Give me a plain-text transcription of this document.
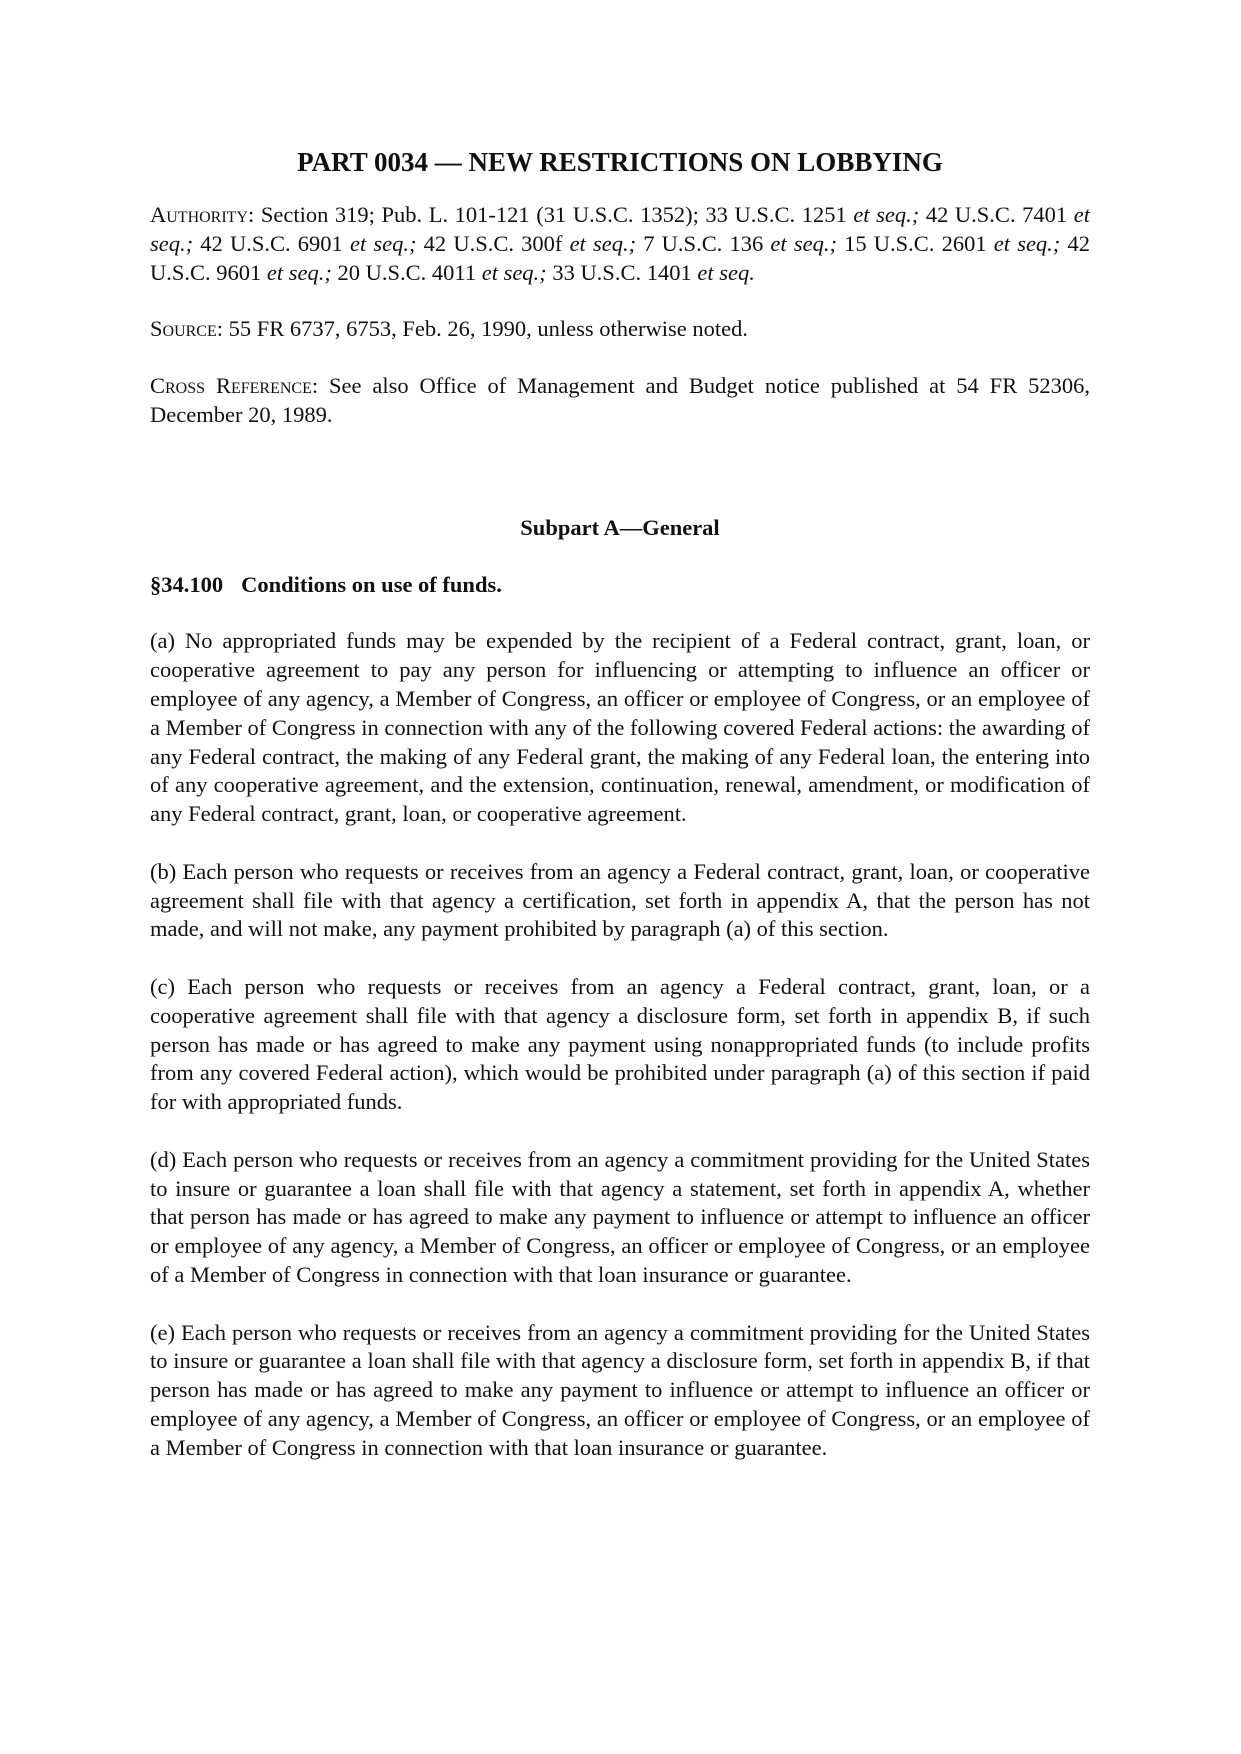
PART 0034 — NEW RESTRICTIONS ON LOBBYING

Authority: Section 319; Pub. L. 101-121 (31 U.S.C. 1352); 33 U.S.C. 1251 et seq.; 42 U.S.C. 7401 et seq.; 42 U.S.C. 6901 et seq.; 42 U.S.C. 300f et seq.; 7 U.S.C. 136 et seq.; 15 U.S.C. 2601 et seq.; 42 U.S.C. 9601 et seq.; 20 U.S.C. 4011 et seq.; 33 U.S.C. 1401 et seq.

Source: 55 FR 6737, 6753, Feb. 26, 1990, unless otherwise noted.

Cross Reference: See also Office of Management and Budget notice published at 54 FR 52306, December 20, 1989.

Subpart A—General
§34.100 Conditions on use of funds.

(a) No appropriated funds may be expended by the recipient of a Federal contract, grant, loan, or cooperative agreement to pay any person for influencing or attempting to influence an officer or employee of any agency, a Member of Congress, an officer or employee of Congress, or an employee of a Member of Congress in connection with any of the following covered Federal actions: the awarding of any Federal contract, the making of any Federal grant, the making of any Federal loan, the entering into of any cooperative agreement, and the extension, continuation, renewal, amendment, or modification of any Federal contract, grant, loan, or cooperative agreement.

(b) Each person who requests or receives from an agency a Federal contract, grant, loan, or cooperative agreement shall file with that agency a certification, set forth in appendix A, that the person has not made, and will not make, any payment prohibited by paragraph (a) of this section.

(c) Each person who requests or receives from an agency a Federal contract, grant, loan, or a cooperative agreement shall file with that agency a disclosure form, set forth in appendix B, if such person has made or has agreed to make any payment using nonappropriated funds (to include profits from any covered Federal action), which would be prohibited under paragraph (a) of this section if paid for with appropriated funds.

(d) Each person who requests or receives from an agency a commitment providing for the United States to insure or guarantee a loan shall file with that agency a statement, set forth in appendix A, whether that person has made or has agreed to make any payment to influence or attempt to influence an officer or employee of any agency, a Member of Congress, an officer or employee of Congress, or an employee of a Member of Congress in connection with that loan insurance or guarantee.

(e) Each person who requests or receives from an agency a commitment providing for the United States to insure or guarantee a loan shall file with that agency a disclosure form, set forth in appendix B, if that person has made or has agreed to make any payment to influence or attempt to influence an officer or employee of any agency, a Member of Congress, an officer or employee of Congress, or an employee of a Member of Congress in connection with that loan insurance or guarantee.
